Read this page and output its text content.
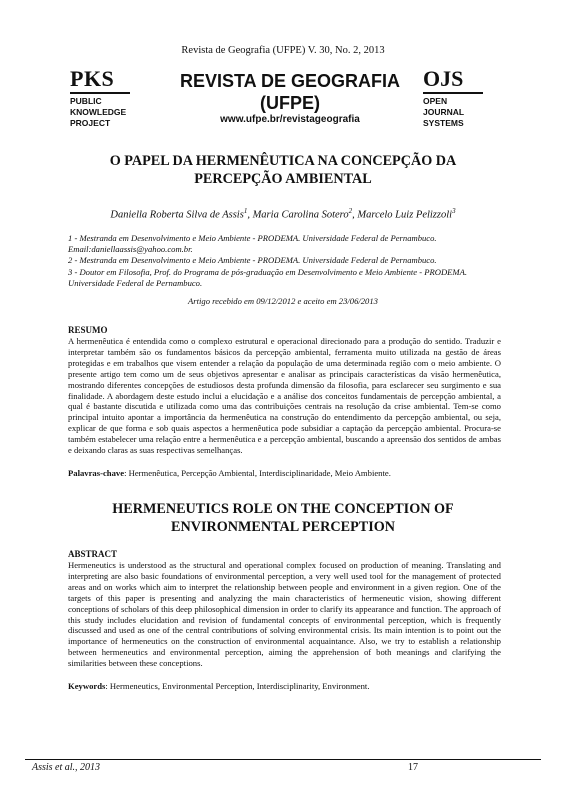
Revista de Geografia (UFPE) V. 30, No. 2, 2013
PKS
PUBLIC
KNOWLEDGE
PROJECT
REVISTA DE GEOGRAFIA
(UFPE)
www.ufpe.br/revistageografia
OJS
OPEN
JOURNAL
SYSTEMS
O PAPEL DA HERMENÊUTICA NA CONCEPÇÃO DA
PERCEPÇÃO AMBIENTAL
Daniella Roberta Silva de Assis$^1$, Maria Carolina Sotero$^2$, Marcelo Luiz Pelizzoli$^3$

1 - Mestranda em Desenvolvimento e Meio Ambiente - PRODEMA. Universidade Federal de Pernambuco. Email:daniellaassis@yahoo.com.br.

2 - Mestranda em Desenvolvimento e Meio Ambiente - PRODEMA. Universidade Federal de Pernambuco.

3 - Doutor em Filosofia, Prof. do Programa de pós-graduação em Desenvolvimento e Meio Ambiente - PRODEMA. Universidade Federal de Pernambuco.

Artigo recebido em 09/12/2012 e aceito em 23/06/2013
RESUMO

A hermenêutica é entendida como o complexo estrutural e operacional direcionado para a produção do sentido. Traduzir e interpretar também são os fundamentos básicos da percepção ambiental, ferramenta muito utilizada na gestão de áreas protegidas e em trabalhos que visem entender a relação da população de uma determinada região com o meio ambiente. O presente artigo tem como um de seus objetivos apresentar e analisar as principais características da visão hermenêutica, mostrando diferentes concepções de estudiosos desta profunda dimensão da filosofia, para esclarecer seu surgimento e sua finalidade. A abordagem deste estudo inclui a elucidação e a análise dos conceitos fundamentais de percepção ambiental, a qual é bastante discutida e utilizada como uma das contribuições centrais na resolução da crise ambiental. Tem-se como principal intuito apontar a importância da hermenêutica na construção do entendimento da percepção ambiental, ou seja, explicar de que forma e sob quais aspectos a hermenêutica pode subsidiar a captação da percepção ambiental. Procura-se também estabelecer uma relação entre a hermenêutica e a percepção ambiental, buscando a apreensão dos sentidos de ambas e deixando claras as suas respectivas semelhanças.

Palavras-chave: Hermenêutica, Percepção Ambiental, Interdisciplinaridade, Meio Ambiente.
HERMENEUTICS ROLE ON THE CONCEPTION OF
ENVIRONMENTAL PERCEPTION
ABSTRACT

Hermeneutics is understood as the structural and operational complex focused on production of meaning. Translating and interpreting are also basic foundations of environmental perception, a very well used tool for the management of protected areas and on works which aim to interpret the relationship between people and environment in a given region. One of the targets of this paper is presenting and analyzing the main characteristics of hermeneutic vision, showing different conceptions of scholars of this deep philosophical dimension in order to clarify its appearance and function. The approach of this study includes elucidation and revision of fundamental concepts of environmental perception, which is frequently discussed and used as one of the central contributions of solving environmental crisis. Its main intention is to point out the importance of hermeneutics on the construction of environmental acquaintance. Also, we try to establish a relationship between hermeneutics and environmental perception, aiming the apprehension of both meanings and clarifying the similarities between these conceptions.

Keywords: Hermeneutics, Environmental Perception, Interdisciplinarity, Environment.
Assis et al., 2013	17
